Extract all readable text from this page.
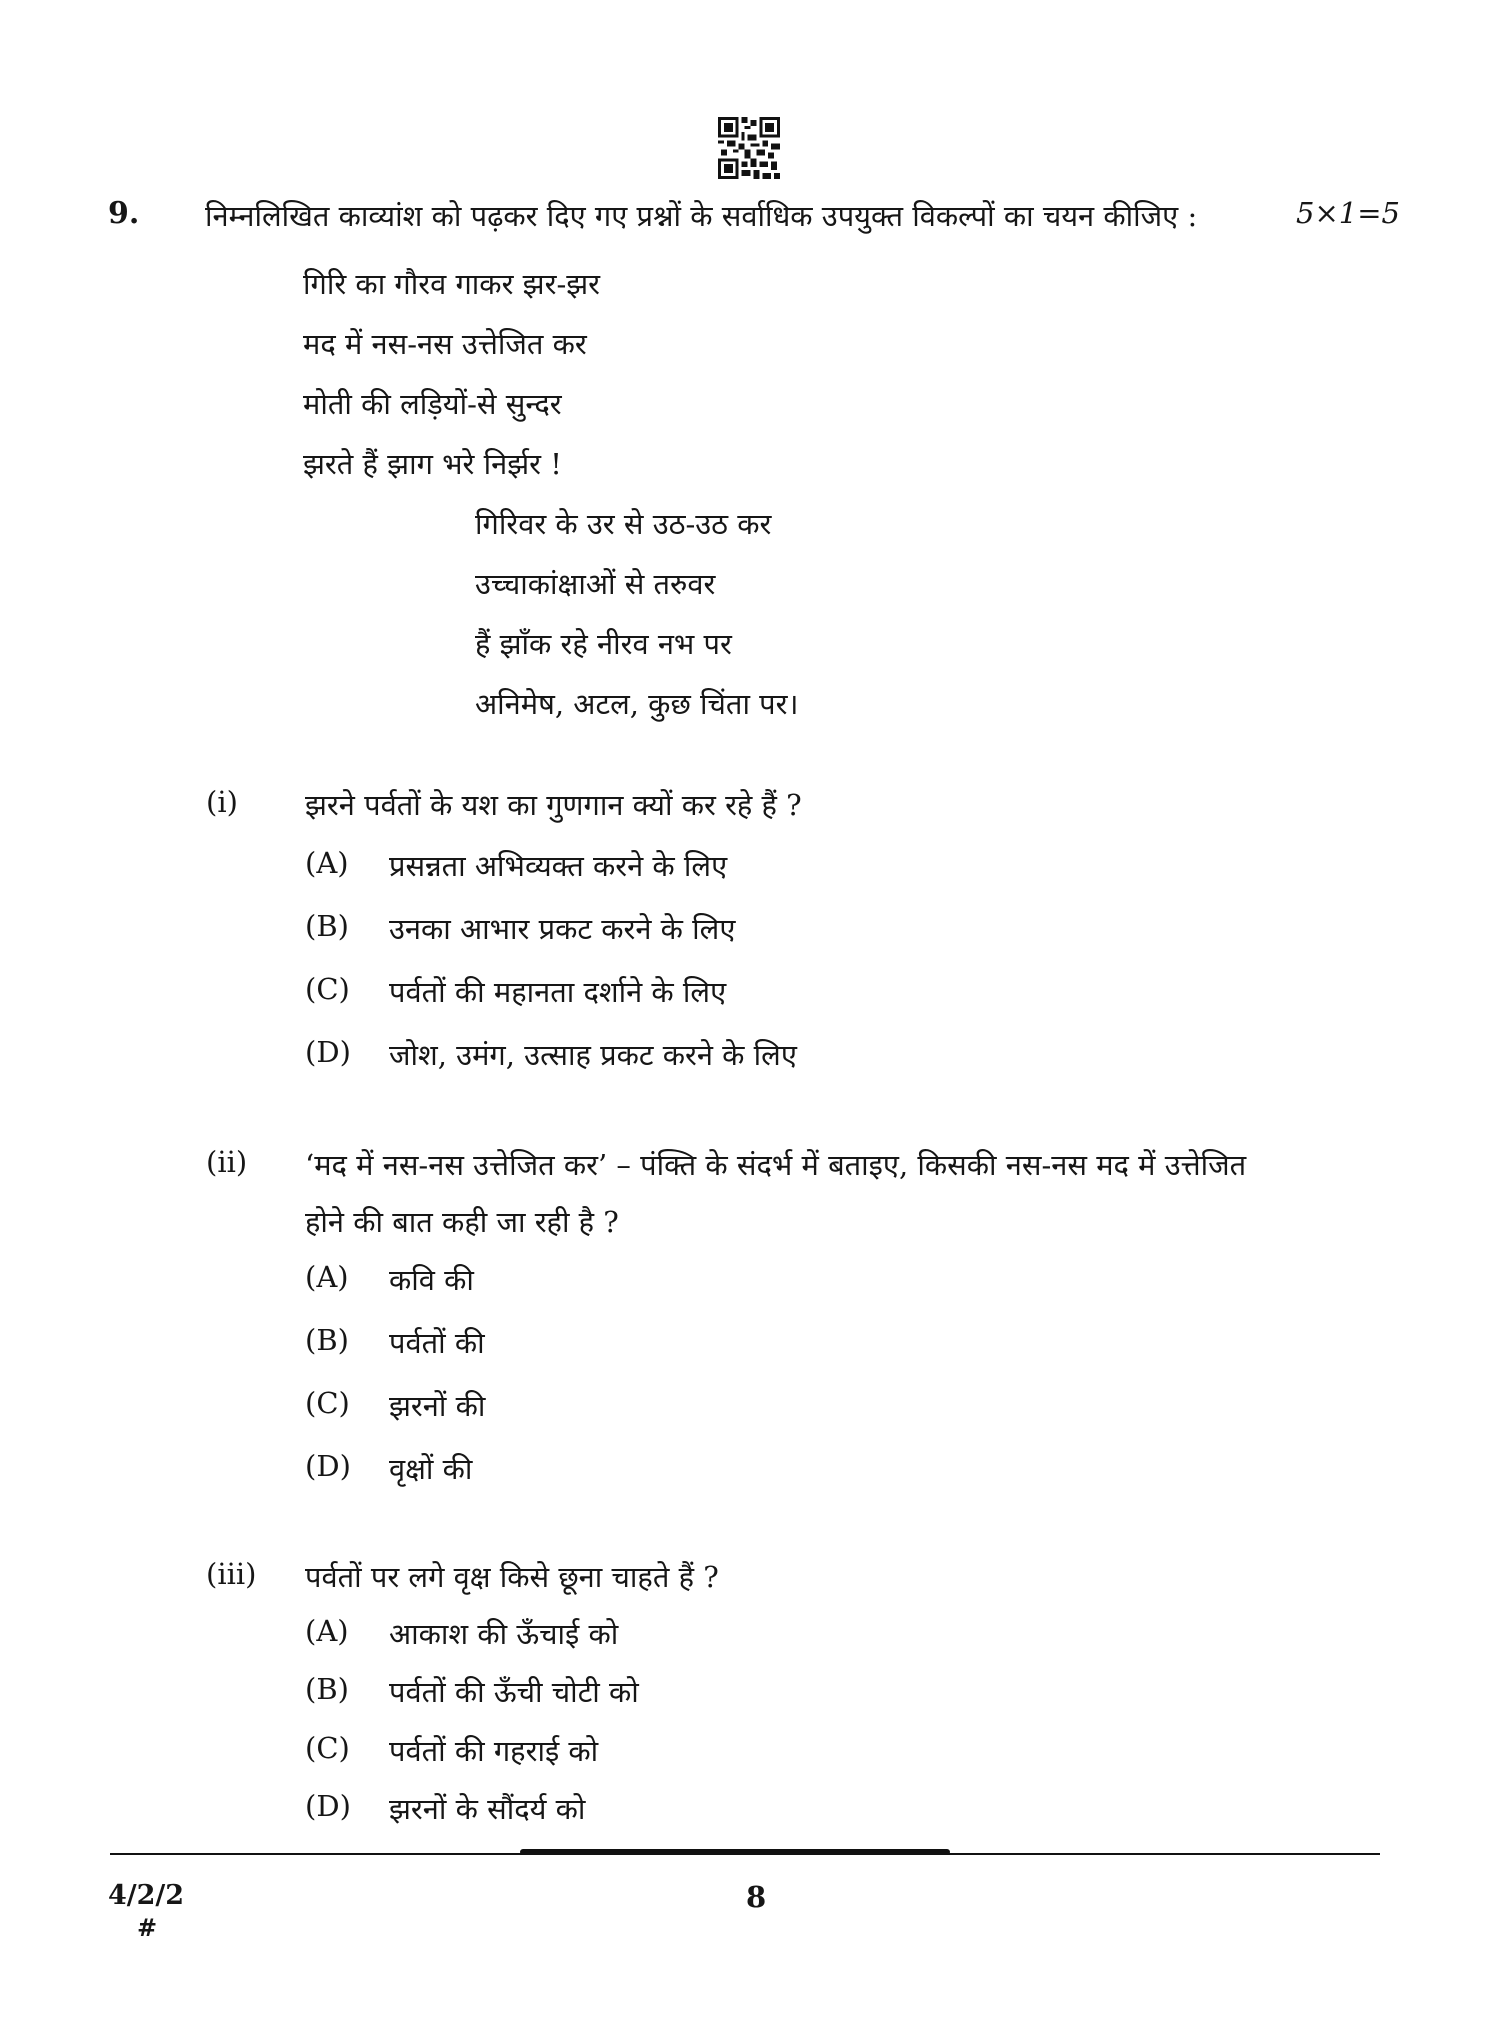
9. निम्नलिखित काव्यांश को पढ़कर दिए गए प्रश्नों के सर्वाधिक उपयुक्त विकल्पों का चयन कीजिए :	5×1=5
गिरि का गौरव गाकर झर-झर
मद में नस-नस उत्तेजित कर
मोती की लड़ियों-से सुन्दर
झरते हैं झाग भरे निर्झर !
गिरिवर के उर से उठ-उठ कर
उच्चाकांक्षाओं से तरुवर
हैं झाँक रहे नीरव नभ पर
अनिमेष, अटल, कुछ चिंता पर।
(i) झरने पर्वतों के यश का गुणगान क्यों कर रहे हैं ?
(A) प्रसन्नता अभिव्यक्त करने के लिए
(B) उनका आभार प्रकट करने के लिए
(C) पर्वतों की महानता दर्शाने के लिए
(D) जोश, उमंग, उत्साह प्रकट करने के लिए
(ii) ‘मद में नस-नस उत्तेजित कर’ – पंक्ति के संदर्भ में बताइए, किसकी नस-नस मद में उत्तेजित
होने की बात कही जा रही है ?
(A) कवि की
(B) पर्वतों की
(C) झरनों की
(D) वृक्षों की
(iii) पर्वतों पर लगे वृक्ष किसे छूना चाहते हैं ?
(A) आकाश की ऊँचाई को
(B) पर्वतों की ऊँची चोटी को
(C) पर्वतों की गहराई को
(D) झरनों के सौंदर्य को
4/2/2
#
8
